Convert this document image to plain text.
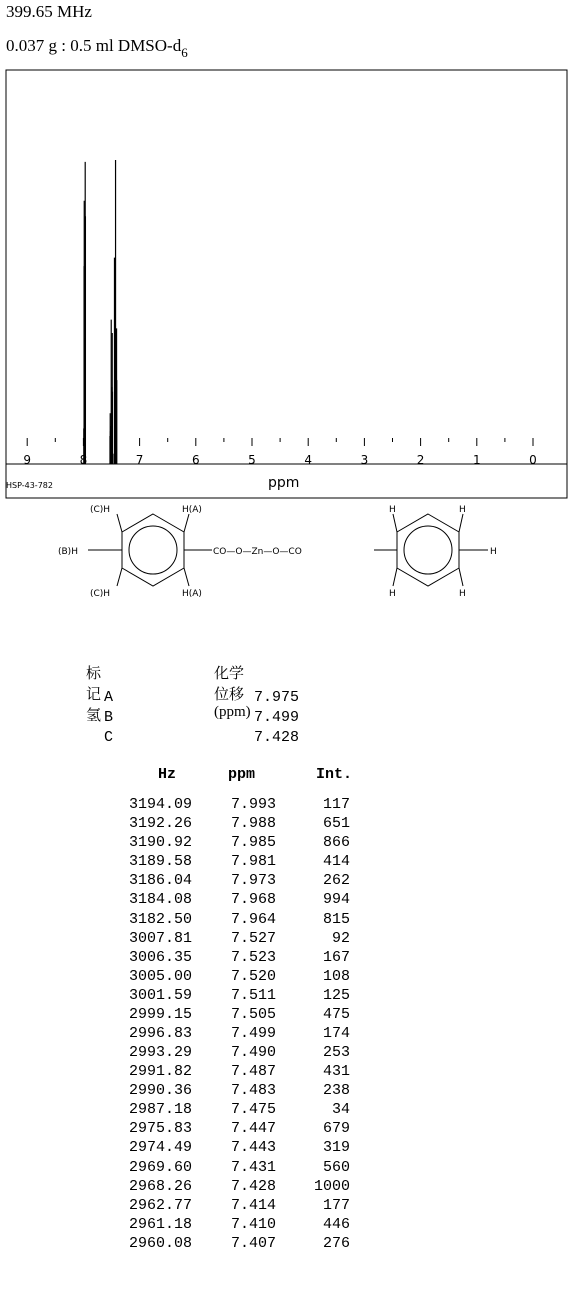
399.65 MHz
0.037 g : 0.5 ml DMSO-$d_6$
9	8	7	6	5	4	3	2	1	0
HSP-43-782	ppm
(C)H	H(A)
(B)H
(C)H	H(A)
CO—O—Zn—O—CO
H	H
H
H	H
标记氢
化学位移(ppm)
A	7.975
B	7.499
C	7.428
Hz	ppm	Int.
3194.09	7.993	117
3192.26	7.988	651
3190.92	7.985	866
3189.58	7.981	414
3186.04	7.973	262
3184.08	7.968	994
3182.50	7.964	815
3007.81	7.527	92
3006.35	7.523	167
3005.00	7.520	108
3001.59	7.511	125
2999.15	7.505	475
2996.83	7.499	174
2993.29	7.490	253
2991.82	7.487	431
2990.36	7.483	238
2987.18	7.475	34
2975.83	7.447	679
2974.49	7.443	319
2969.60	7.431	560
2968.26	7.428	1000
2962.77	7.414	177
2961.18	7.410	446
2960.08	7.407	276
